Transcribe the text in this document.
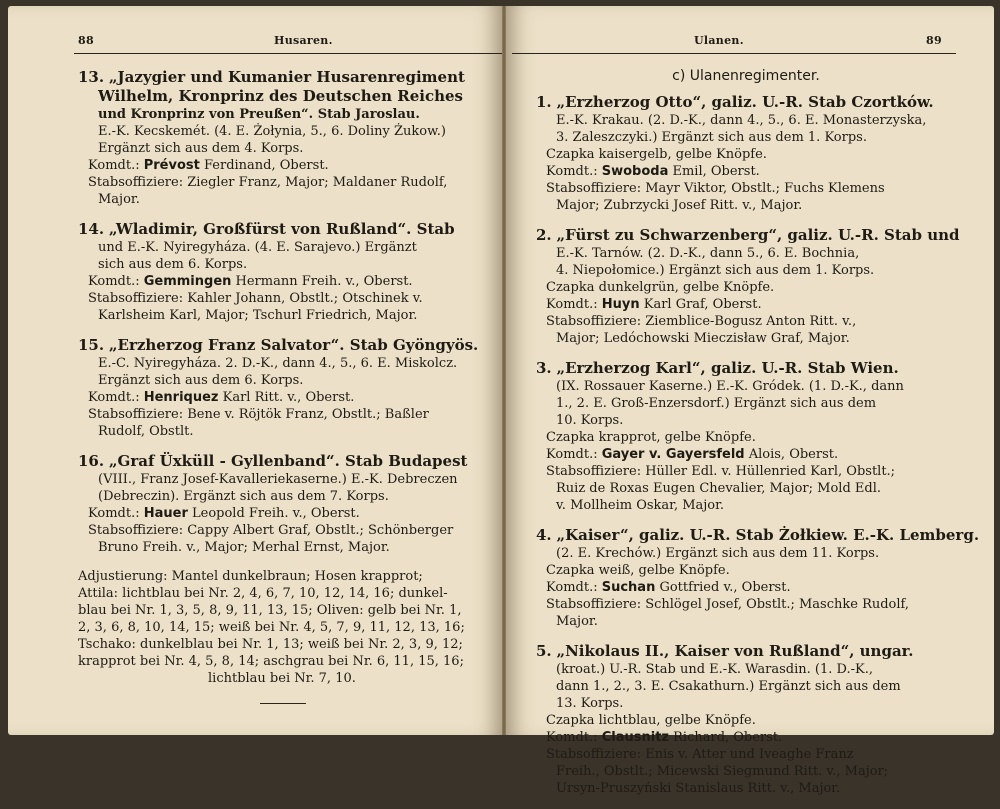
88	Husaren.
13. „Jazygier und Kumanier Husarenregiment
Wilhelm, Kronprinz des Deutschen Reiches
und Kronprinz von Preußen“. Stab Jaroslau.
E.-K. Kecskemét. (4. E. Żołynia, 5., 6. Doliny Żukow.)
Ergänzt sich aus dem 4. Korps.
Komdt.: Prévost Ferdinand, Oberst.
Stabsoffiziere: Ziegler Franz, Major; Maldaner Rudolf,
Major.
14. „Wladimir, Großfürst von Rußland“. Stab
und E.-K. Nyiregyháza. (4. E. Sarajevo.) Ergänzt
sich aus dem 6. Korps.
Komdt.: Gemmingen Hermann Freih. v., Oberst.
Stabsoffiziere: Kahler Johann, Obstlt.; Otschinek v.
Karlsheim Karl, Major; Tschurl Friedrich, Major.
15. „Erzherzog Franz Salvator“. Stab Gyöngyös.
E.-C. Nyiregyháza. 2. D.-K., dann 4., 5., 6. E. Miskolcz.
Ergänzt sich aus dem 6. Korps.
Komdt.: Henriquez Karl Ritt. v., Oberst.
Stabsoffiziere: Bene v. Röjtök Franz, Obstlt.; Baßler
Rudolf, Obstlt.
16. „Graf Üxküll - Gyllenband“. Stab Budapest
(VIII., Franz Josef-Kavalleriekaserne.) E.-K. Debreczen
(Debreczin). Ergänzt sich aus dem 7. Korps.
Komdt.: Hauer Leopold Freih. v., Oberst.
Stabsoffiziere: Cappy Albert Graf, Obstlt.; Schönberger
Bruno Freih. v., Major; Merhal Ernst, Major.
Adjustierung: Mantel dunkelbraun; Hosen krapprot;
Attila: lichtblau bei Nr. 2, 4, 6, 7, 10, 12, 14, 16; dunkel-
blau bei Nr. 1, 3, 5, 8, 9, 11, 13, 15; Oliven: gelb bei Nr. 1,
2, 3, 6, 8, 10, 14, 15; weiß bei Nr. 4, 5, 7, 9, 11, 12, 13, 16;
Tschako: dunkelblau bei Nr. 1, 13; weiß bei Nr. 2, 3, 9, 12;
krapprot bei Nr. 4, 5, 8, 14; aschgrau bei Nr. 6, 11, 15, 16;
lichtblau bei Nr. 7, 10.
Ulanen.	89
c) Ulanenregimenter.
1. „Erzherzog Otto“, galiz. U.-R. Stab Czortków.
E.-K. Krakau. (2. D.-K., dann 4., 5., 6. E. Monasterzyska,
3. Zaleszczyki.) Ergänzt sich aus dem 1. Korps.
Czapka kaisergelb, gelbe Knöpfe.
Komdt.: Swoboda Emil, Oberst.
Stabsoffiziere: Mayr Viktor, Obstlt.; Fuchs Klemens
Major; Zubrzycki Josef Ritt. v., Major.
2. „Fürst zu Schwarzenberg“, galiz. U.-R. Stab und
E.-K. Tarnów. (2. D.-K., dann 5., 6. E. Bochnia,
4. Niepołomice.) Ergänzt sich aus dem 1. Korps.
Czapka dunkelgrün, gelbe Knöpfe.
Komdt.: Huyn Karl Graf, Oberst.
Stabsoffiziere: Ziemblice-Bogusz Anton Ritt. v.,
Major; Ledóchowski Mieczisław Graf, Major.
3. „Erzherzog Karl“, galiz. U.-R. Stab Wien.
(IX. Rossauer Kaserne.) E.-K. Gródek. (1. D.-K., dann
1., 2. E. Groß-Enzersdorf.) Ergänzt sich aus dem
10. Korps.
Czapka krapprot, gelbe Knöpfe.
Komdt.: Gayer v. Gayersfeld Alois, Oberst.
Stabsoffiziere: Hüller Edl. v. Hüllenried Karl, Obstlt.;
Ruiz de Roxas Eugen Chevalier, Major; Mold Edl.
v. Mollheim Oskar, Major.
4. „Kaiser“, galiz. U.-R. Stab Żołkiew. E.-K. Lemberg.
(2. E. Krechów.) Ergänzt sich aus dem 11. Korps.
Czapka weiß, gelbe Knöpfe.
Komdt.: Suchan Gottfried v., Oberst.
Stabsoffiziere: Schlögel Josef, Obstlt.; Maschke Rudolf,
Major.
5. „Nikolaus II., Kaiser von Rußland“, ungar.
(kroat.) U.-R. Stab und E.-K. Warasdin. (1. D.-K.,
dann 1., 2., 3. E. Csakathurn.) Ergänzt sich aus dem
13. Korps.
Czapka lichtblau, gelbe Knöpfe.
Komdt.: Clausnitz Richard, Oberst.
Stabsoffiziere: Enis v. Atter und Iveaghe Franz
Freih., Obstlt.; Micewski Siegmund Ritt. v., Major;
Ursyn-Pruszyński Stanislaus Ritt. v., Major.
